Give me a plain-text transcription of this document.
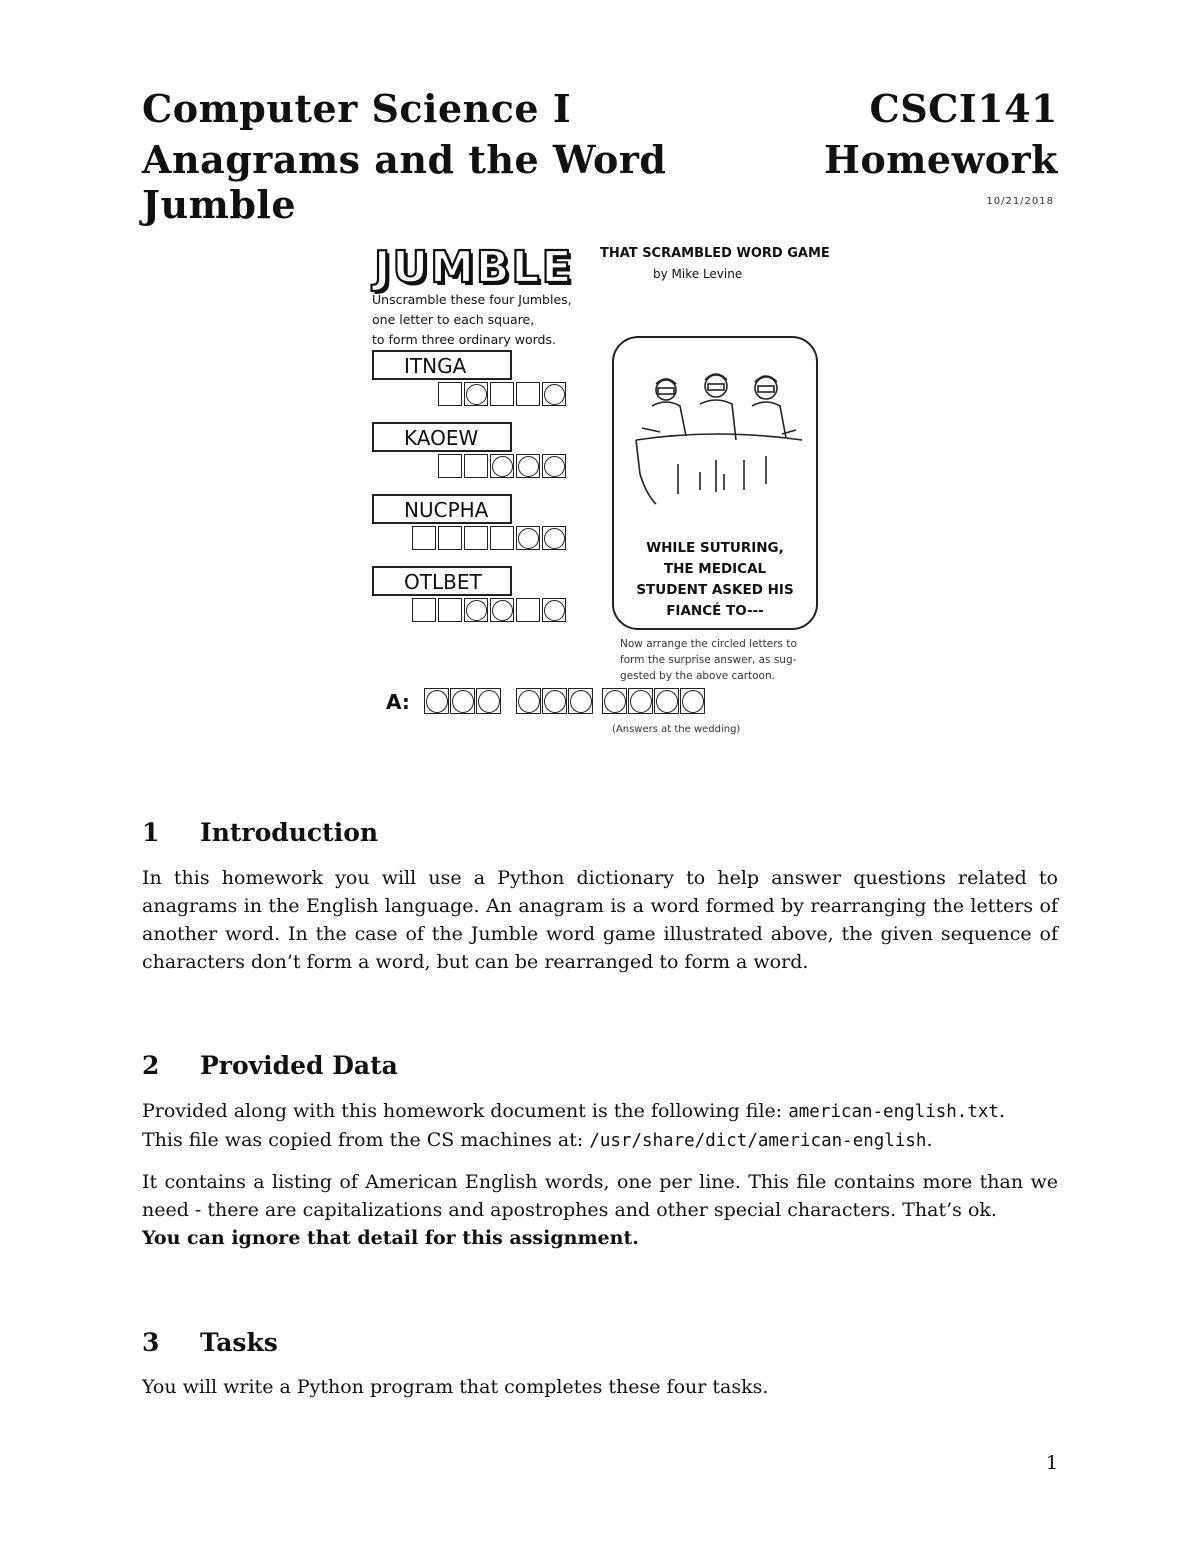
Computer Science I	CSCI141
Anagrams and the Word Jumble
Homework
10/21/2018
JUMBLE THAT SCRAMBLED WORD GAME
by Mike Levine
Unscramble these four Jumbles,
one letter to each square,
to form three ordinary words.
ITNGA
KAOEW
NUCPHA
OTLBET
WHILE SUTURING,
THE MEDICAL
STUDENT ASKED HIS
FIANCÉ TO---
Now arrange the circled letters to
form the surprise answer, as sug-
gested by the above cartoon.
A:
(Answers at the wedding)
1 Introduction

In this homework you will use a Python dictionary to help answer questions related to anagrams in the English language. An anagram is a word formed by rearranging the letters of another word. In the case of the Jumble word game illustrated above, the given sequence of characters don’t form a word, but can be rearranged to form a word.

2 Provided Data

Provided along with this homework document is the following file: american-english.txt.
This file was copied from the CS machines at: /usr/share/dict/american-english.

It contains a listing of American English words, one per line. This file contains more than we need - there are capitalizations and apostrophes and other special characters. That’s ok.
You can ignore that detail for this assignment.

3 Tasks

You will write a Python program that completes these four tasks.

1
